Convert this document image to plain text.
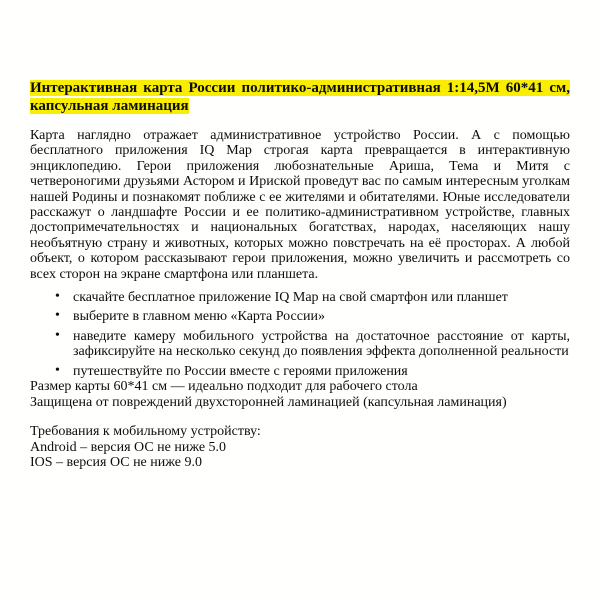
Интерактивная карта России политико-административная 1:14,5М 60*41 см,

капсульная ламинация

Карта наглядно отражает административное устройство России. А с помощью бесплатного приложения IQ Map строгая карта превращается в интерактивную энциклопедию. Герои приложения любознательные Ариша, Тема и Митя с четвероногими друзьями Астором и Ириской проведут вас по самым интересным уголкам нашей Родины и познакомят поближе с ее жителями и обитателями. Юные исследователи расскажут о ландшафте России и ее политико-административном устройстве, главных достопримечательностях и национальных богатствах, народах, населяющих нашу необъятную страну и животных, которых можно повстречать на её просторах. А любой объект, о котором рассказывают герои приложения, можно увеличить и рассмотреть со всех сторон на экране смартфона или планшета.

• скачайте бесплатное приложение IQ Map на свой смартфон или планшет
• выберите в главном меню «Карта России»
• наведите камеру мобильного устройства на достаточное расстояние от карты, зафиксируйте на несколько секунд до появления эффекта дополненной реальности
• путешествуйте по России вместе с героями приложения

Размер карты 60*41 см — идеально подходит для рабочего стола

Защищена от повреждений двухсторонней ламинацией (капсульная ламинация)

Требования к мобильному устройству:

Android – версия ОС не ниже 5.0

IOS – версия ОС не ниже 9.0
